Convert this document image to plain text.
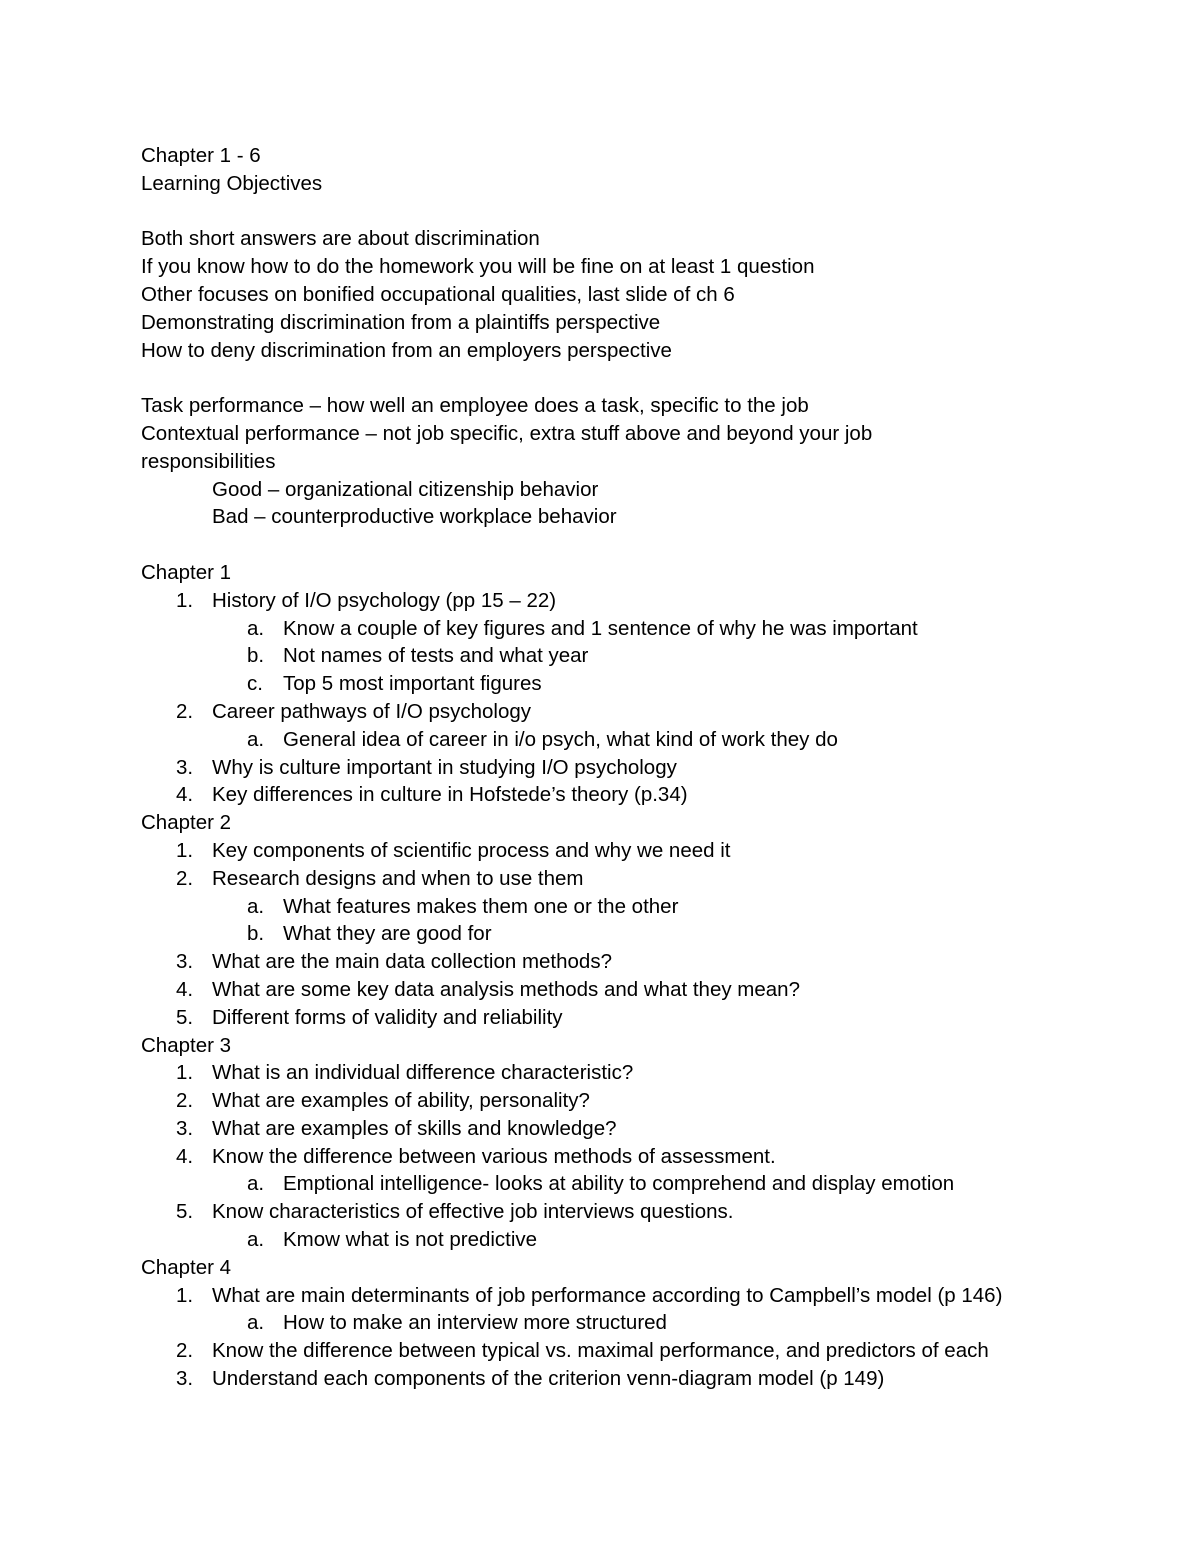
Chapter 1 - 6
Learning Objectives
Both short answers are about discrimination
If you know how to do the homework you will be fine on at least 1 question
Other focuses on bonified occupational qualities, last slide of ch 6
Demonstrating discrimination from a plaintiffs perspective
How to deny discrimination from an employers perspective
Task performance – how well an employee does a task, specific to the job
Contextual performance – not job specific, extra stuff above and beyond your job responsibilities
Good – organizational citizenship behavior
Bad – counterproductive workplace behavior
Chapter 1
1. History of I/O psychology (pp 15 – 22)
a. Know a couple of key figures and 1 sentence of why he was important
b. Not names of tests and what year
c. Top 5 most important figures
2. Career pathways of I/O psychology
a. General idea of career in i/o psych, what kind of work they do
3. Why is culture important in studying I/O psychology
4. Key differences in culture in Hofstede’s theory (p.34)
Chapter 2
1. Key components of scientific process and why we need it
2. Research designs and when to use them
a. What features makes them one or the other
b. What they are good for
3. What are the main data collection methods?
4. What are some key data analysis methods and what they mean?
5. Different forms of validity and reliability
Chapter 3
1. What is an individual difference characteristic?
2. What are examples of ability, personality?
3. What are examples of skills and knowledge?
4. Know the difference between various methods of assessment.
a. Emptional intelligence- looks at ability to comprehend and display emotion
5. Know characteristics of effective job interviews questions.
a. Kmow what is not predictive
Chapter 4
1. What are main determinants of job performance according to Campbell’s model (p 146)
a. How to make an interview more structured
2. Know the difference between typical vs. maximal performance, and predictors of each
3. Understand each components of the criterion venn-diagram model (p 149)
